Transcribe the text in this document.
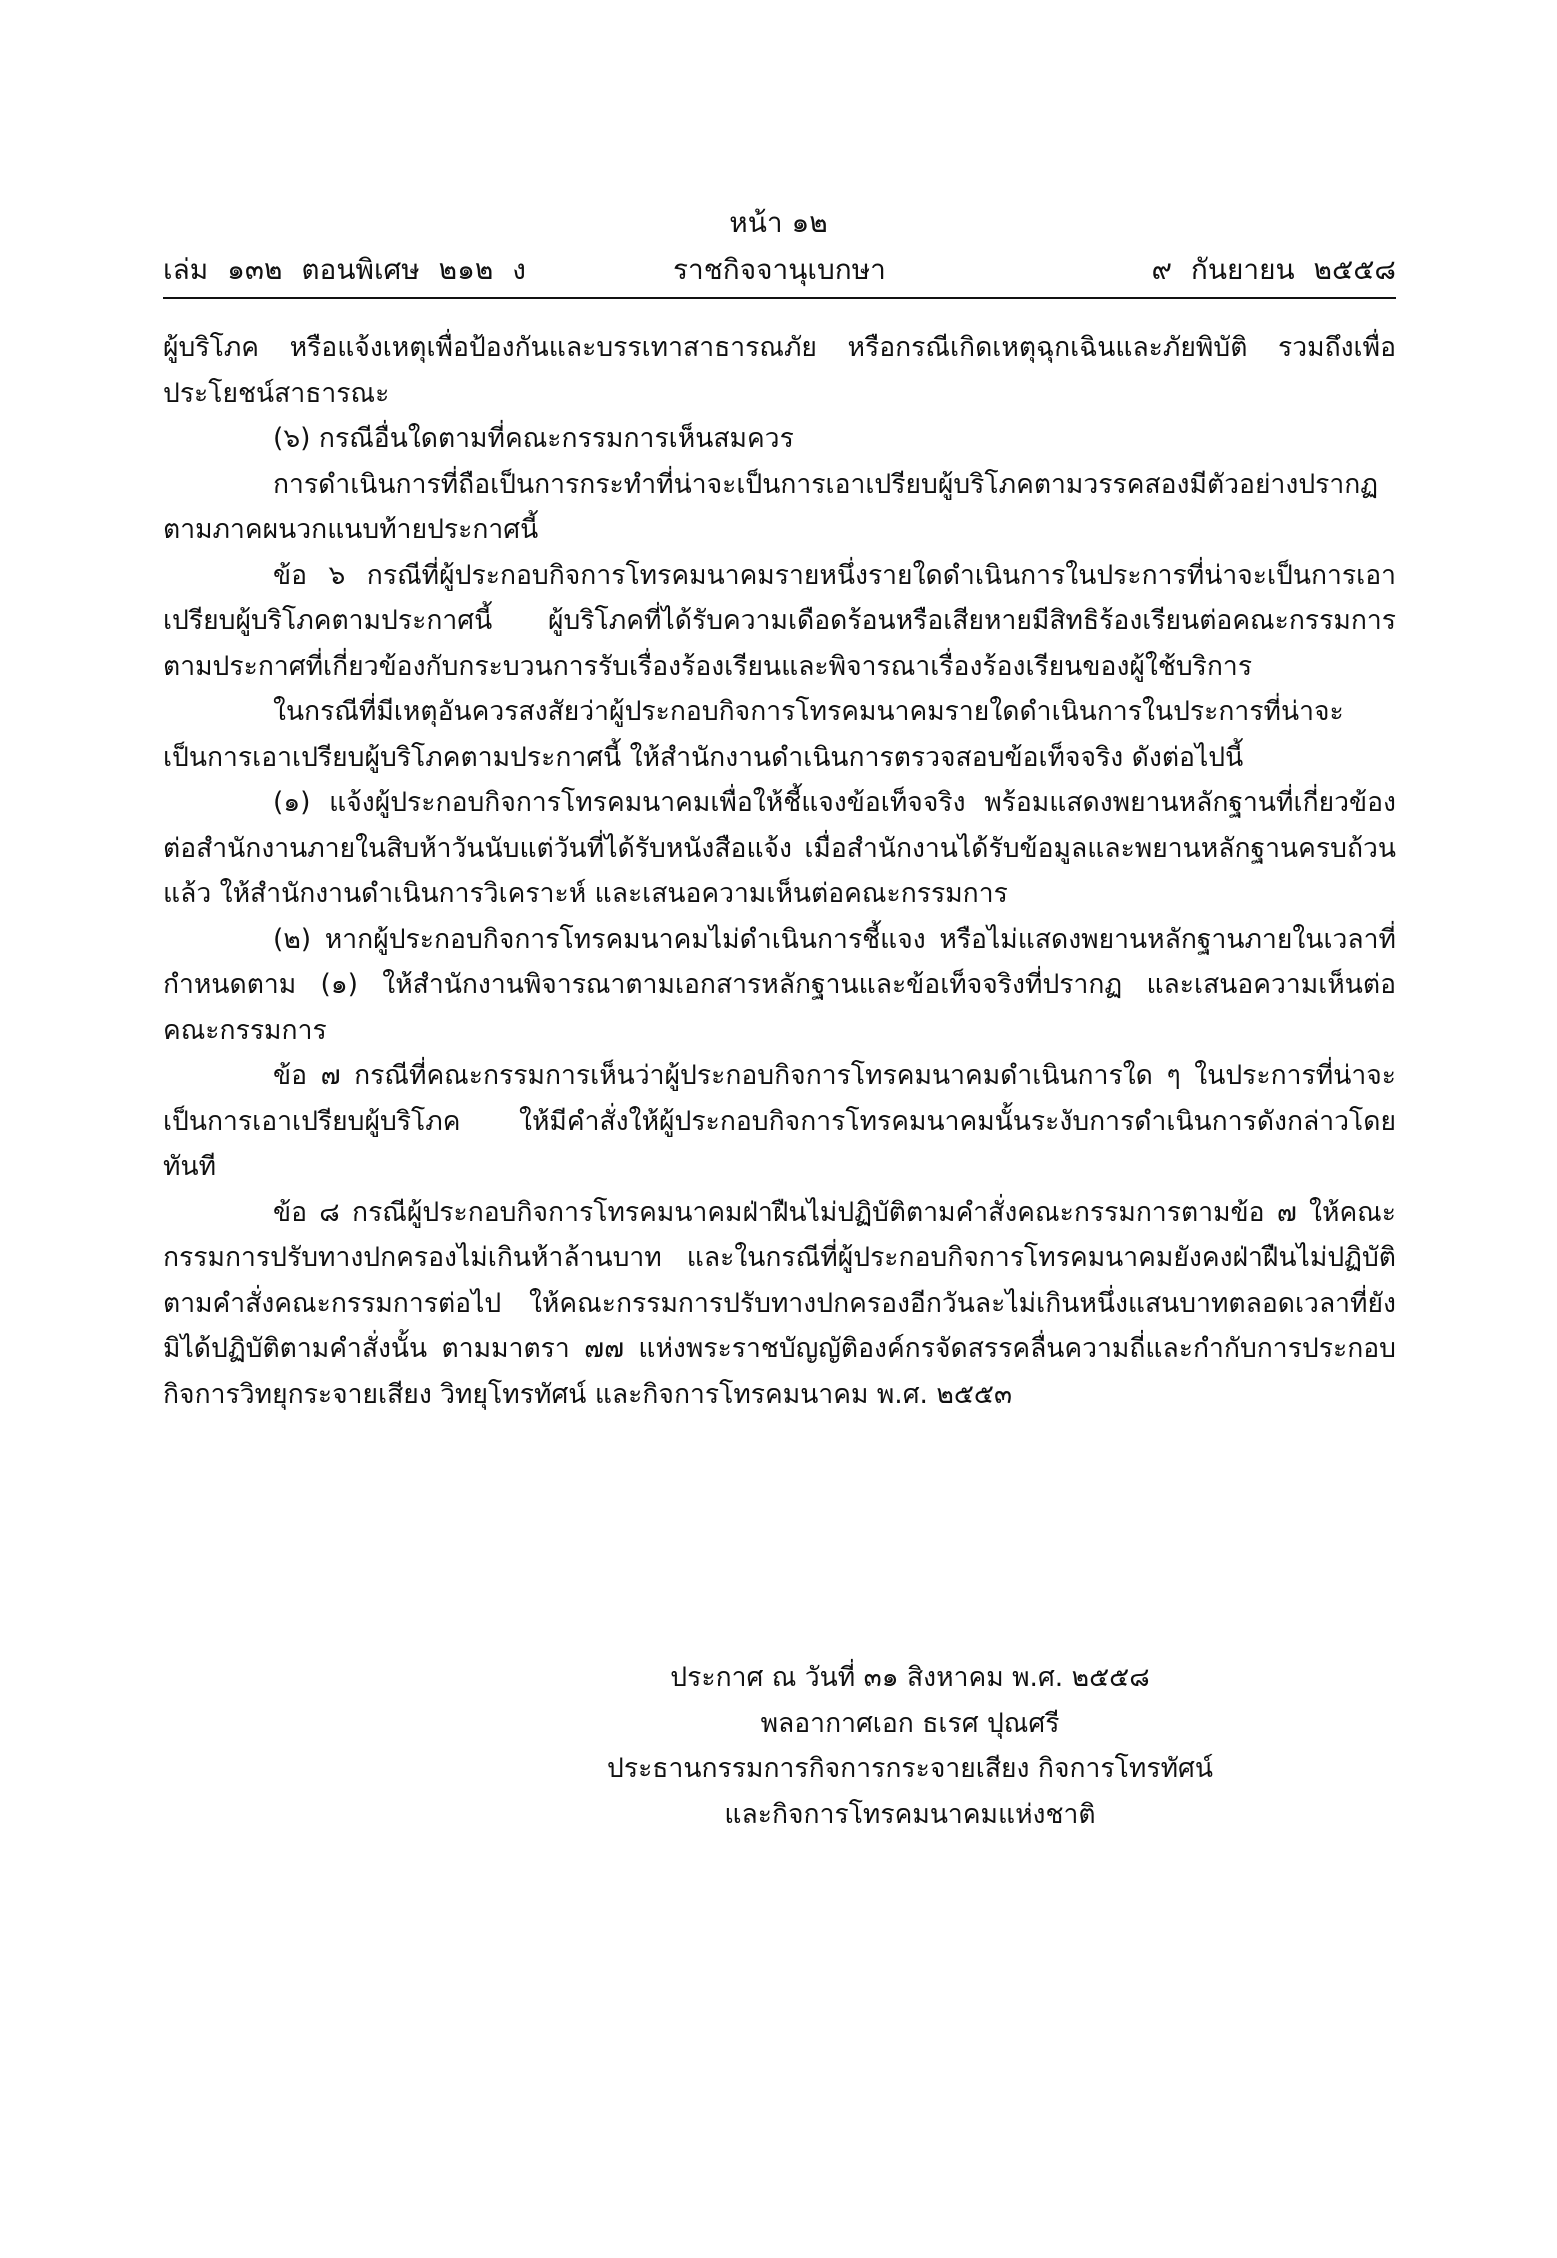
หน้า ๑๒
เล่ม ๑๓๒ ตอนพิเศษ ๒๑๒ ง	ราชกิจจานุเบกษา	๙ กันยายน ๒๕๕๘

ผู้บริโภค หรือแจ้งเหตุเพื่อป้องกันและบรรเทาสาธารณภัย หรือกรณีเกิดเหตุฉุกเฉินและภัยพิบัติ รวมถึงเพื่อประโยชน์สาธารณะ

(๖) กรณีอื่นใดตามที่คณะกรรมการเห็นสมควร

การดำเนินการที่ถือเป็นการกระทำที่น่าจะเป็นการเอาเปรียบผู้บริโภคตามวรรคสองมีตัวอย่างปรากฏตามภาคผนวกแนบท้ายประกาศนี้

ข้อ ๖ กรณีที่ผู้ประกอบกิจการโทรคมนาคมรายหนึ่งรายใดดำเนินการในประการที่น่าจะเป็นการเอาเปรียบผู้บริโภคตามประกาศนี้ ผู้บริโภคที่ได้รับความเดือดร้อนหรือเสียหายมีสิทธิร้องเรียนต่อคณะกรรมการตามประกาศที่เกี่ยวข้องกับกระบวนการรับเรื่องร้องเรียนและพิจารณาเรื่องร้องเรียนของผู้ใช้บริการ

ในกรณีที่มีเหตุอันควรสงสัยว่าผู้ประกอบกิจการโทรคมนาคมรายใดดำเนินการในประการที่น่าจะเป็นการเอาเปรียบผู้บริโภคตามประกาศนี้ ให้สำนักงานดำเนินการตรวจสอบข้อเท็จจริง ดังต่อไปนี้

(๑) แจ้งผู้ประกอบกิจการโทรคมนาคมเพื่อให้ชี้แจงข้อเท็จจริง พร้อมแสดงพยานหลักฐานที่เกี่ยวข้องต่อสำนักงานภายในสิบห้าวันนับแต่วันที่ได้รับหนังสือแจ้ง เมื่อสำนักงานได้รับข้อมูลและพยานหลักฐานครบถ้วนแล้ว ให้สำนักงานดำเนินการวิเคราะห์ และเสนอความเห็นต่อคณะกรรมการ

(๒) หากผู้ประกอบกิจการโทรคมนาคมไม่ดำเนินการชี้แจง หรือไม่แสดงพยานหลักฐานภายในเวลาที่กำหนดตาม (๑) ให้สำนักงานพิจารณาตามเอกสารหลักฐานและข้อเท็จจริงที่ปรากฏ และเสนอความเห็นต่อคณะกรรมการ

ข้อ ๗ กรณีที่คณะกรรมการเห็นว่าผู้ประกอบกิจการโทรคมนาคมดำเนินการใด ๆ ในประการที่น่าจะเป็นการเอาเปรียบผู้บริโภค ให้มีคำสั่งให้ผู้ประกอบกิจการโทรคมนาคมนั้นระงับการดำเนินการดังกล่าวโดยทันที

ข้อ ๘ กรณีผู้ประกอบกิจการโทรคมนาคมฝ่าฝืนไม่ปฏิบัติตามคำสั่งคณะกรรมการตามข้อ ๗ ให้คณะกรรมการปรับทางปกครองไม่เกินห้าล้านบาท และในกรณีที่ผู้ประกอบกิจการโทรคมนาคมยังคงฝ่าฝืนไม่ปฏิบัติตามคำสั่งคณะกรรมการต่อไป ให้คณะกรรมการปรับทางปกครองอีกวันละไม่เกินหนึ่งแสนบาทตลอดเวลาที่ยังมิได้ปฏิบัติตามคำสั่งนั้น ตามมาตรา ๗๗ แห่งพระราชบัญญัติองค์กรจัดสรรคลื่นความถี่และกำกับการประกอบกิจการวิทยุกระจายเสียง วิทยุโทรทัศน์ และกิจการโทรคมนาคม พ.ศ. ๒๕๕๓

ประกาศ ณ วันที่ ๓๑ สิงหาคม พ.ศ. ๒๕๕๘
พลอากาศเอก ธเรศ ปุณศรี
ประธานกรรมการกิจการกระจายเสียง กิจการโทรทัศน์
และกิจการโทรคมนาคมแห่งชาติ
